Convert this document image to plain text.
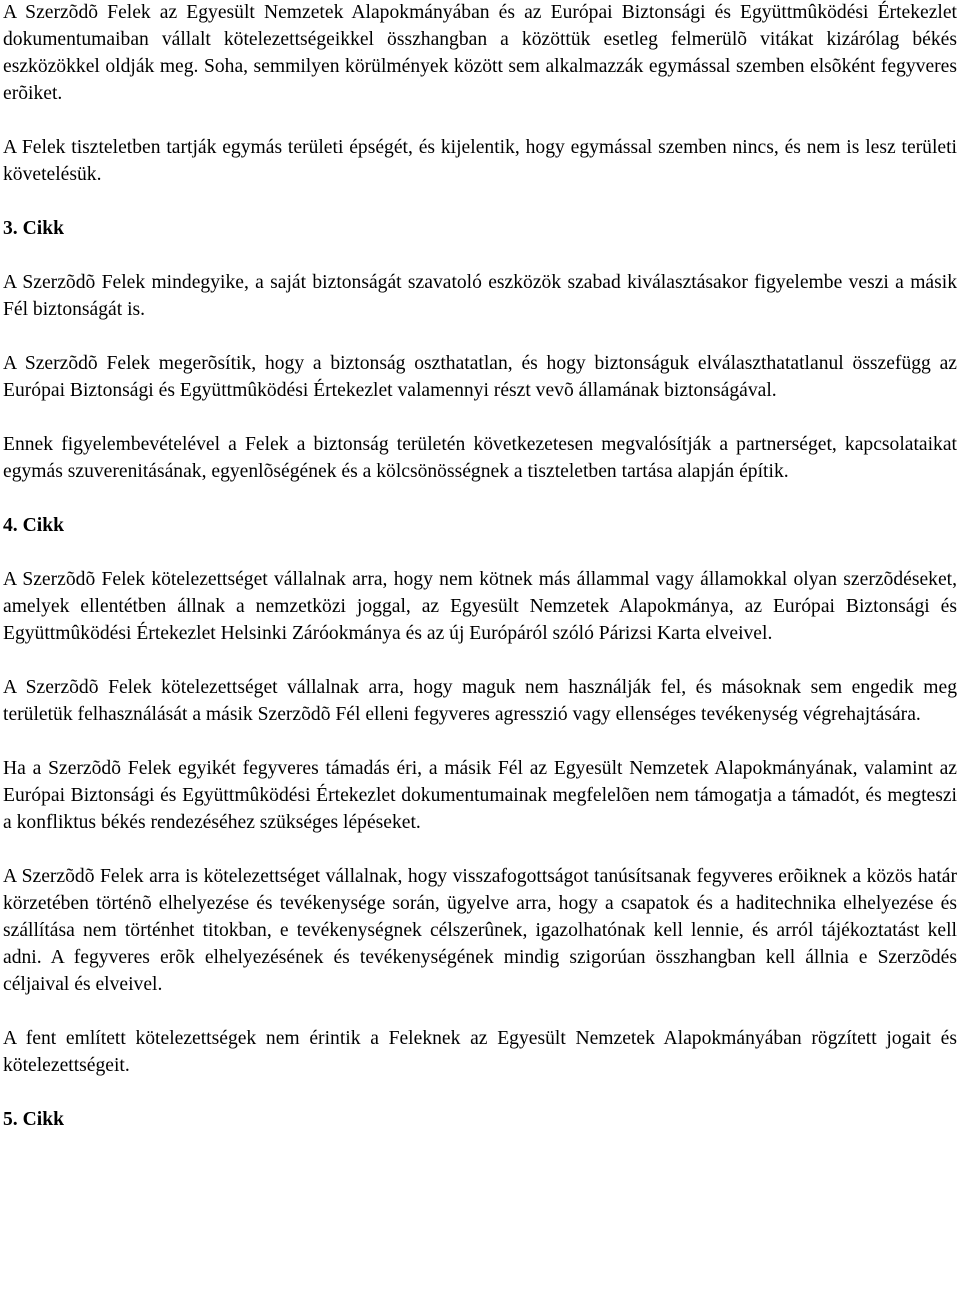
A Szerzõdõ Felek az Egyesült Nemzetek Alapokmányában és az Európai Biztonsági és Együttmûködési Értekezlet dokumentumaiban vállalt kötelezettségeikkel összhangban a közöttük esetleg felmerülõ vitákat kizárólag békés eszközökkel oldják meg. Soha, semmilyen körülmények között sem alkalmazzák egymással szemben elsõként fegyveres erõiket.

A Felek tiszteletben tartják egymás területi épségét, és kijelentik, hogy egymással szemben nincs, és nem is lesz területi követelésük.

3. Cikk

A Szerzõdõ Felek mindegyike, a saját biztonságát szavatoló eszközök szabad kiválasztásakor figyelembe veszi a másik Fél biztonságát is.

A Szerzõdõ Felek megerõsítik, hogy a biztonság oszthatatlan, és hogy biztonságuk elválaszthatatlanul összefügg az Európai Biztonsági és Együttmûködési Értekezlet valamennyi részt vevõ államának biztonságával.

Ennek figyelembevételével a Felek a biztonság területén következetesen megvalósítják a partnerséget, kapcsolataikat egymás szuverenitásának, egyenlõségének és a kölcsönösségnek a tiszteletben tartása alapján építik.

4. Cikk

A Szerzõdõ Felek kötelezettséget vállalnak arra, hogy nem kötnek más állammal vagy államokkal olyan szerzõdéseket, amelyek ellentétben állnak a nemzetközi joggal, az Egyesült Nemzetek Alapokmánya, az Európai Biztonsági és Együttmûködési Értekezlet Helsinki Záróokmánya és az új Európáról szóló Párizsi Karta elveivel.

A Szerzõdõ Felek kötelezettséget vállalnak arra, hogy maguk nem használják fel, és másoknak sem engedik meg területük felhasználását a másik Szerzõdõ Fél elleni fegyveres agresszió vagy ellenséges tevékenység végrehajtására.

Ha a Szerzõdõ Felek egyikét fegyveres támadás éri, a másik Fél az Egyesült Nemzetek Alapokmányának, valamint az Európai Biztonsági és Együttmûködési Értekezlet dokumentumainak megfelelõen nem támogatja a támadót, és megteszi a konfliktus békés rendezéséhez szükséges lépéseket.

A Szerzõdõ Felek arra is kötelezettséget vállalnak, hogy visszafogottságot tanúsítsanak fegyveres erõiknek a közös határ körzetében történõ elhelyezése és tevékenysége során, ügyelve arra, hogy a csapatok és a haditechnika elhelyezése és szállítása nem történhet titokban, e tevékenységnek célszerûnek, igazolhatónak kell lennie, és arról tájékoztatást kell adni. A fegyveres erõk elhelyezésének és tevékenységének mindig szigorúan összhangban kell állnia e Szerzõdés céljaival és elveivel.

A fent említett kötelezettségek nem érintik a Feleknek az Egyesült Nemzetek Alapokmányában rögzített jogait és kötelezettségeit.

5. Cikk
